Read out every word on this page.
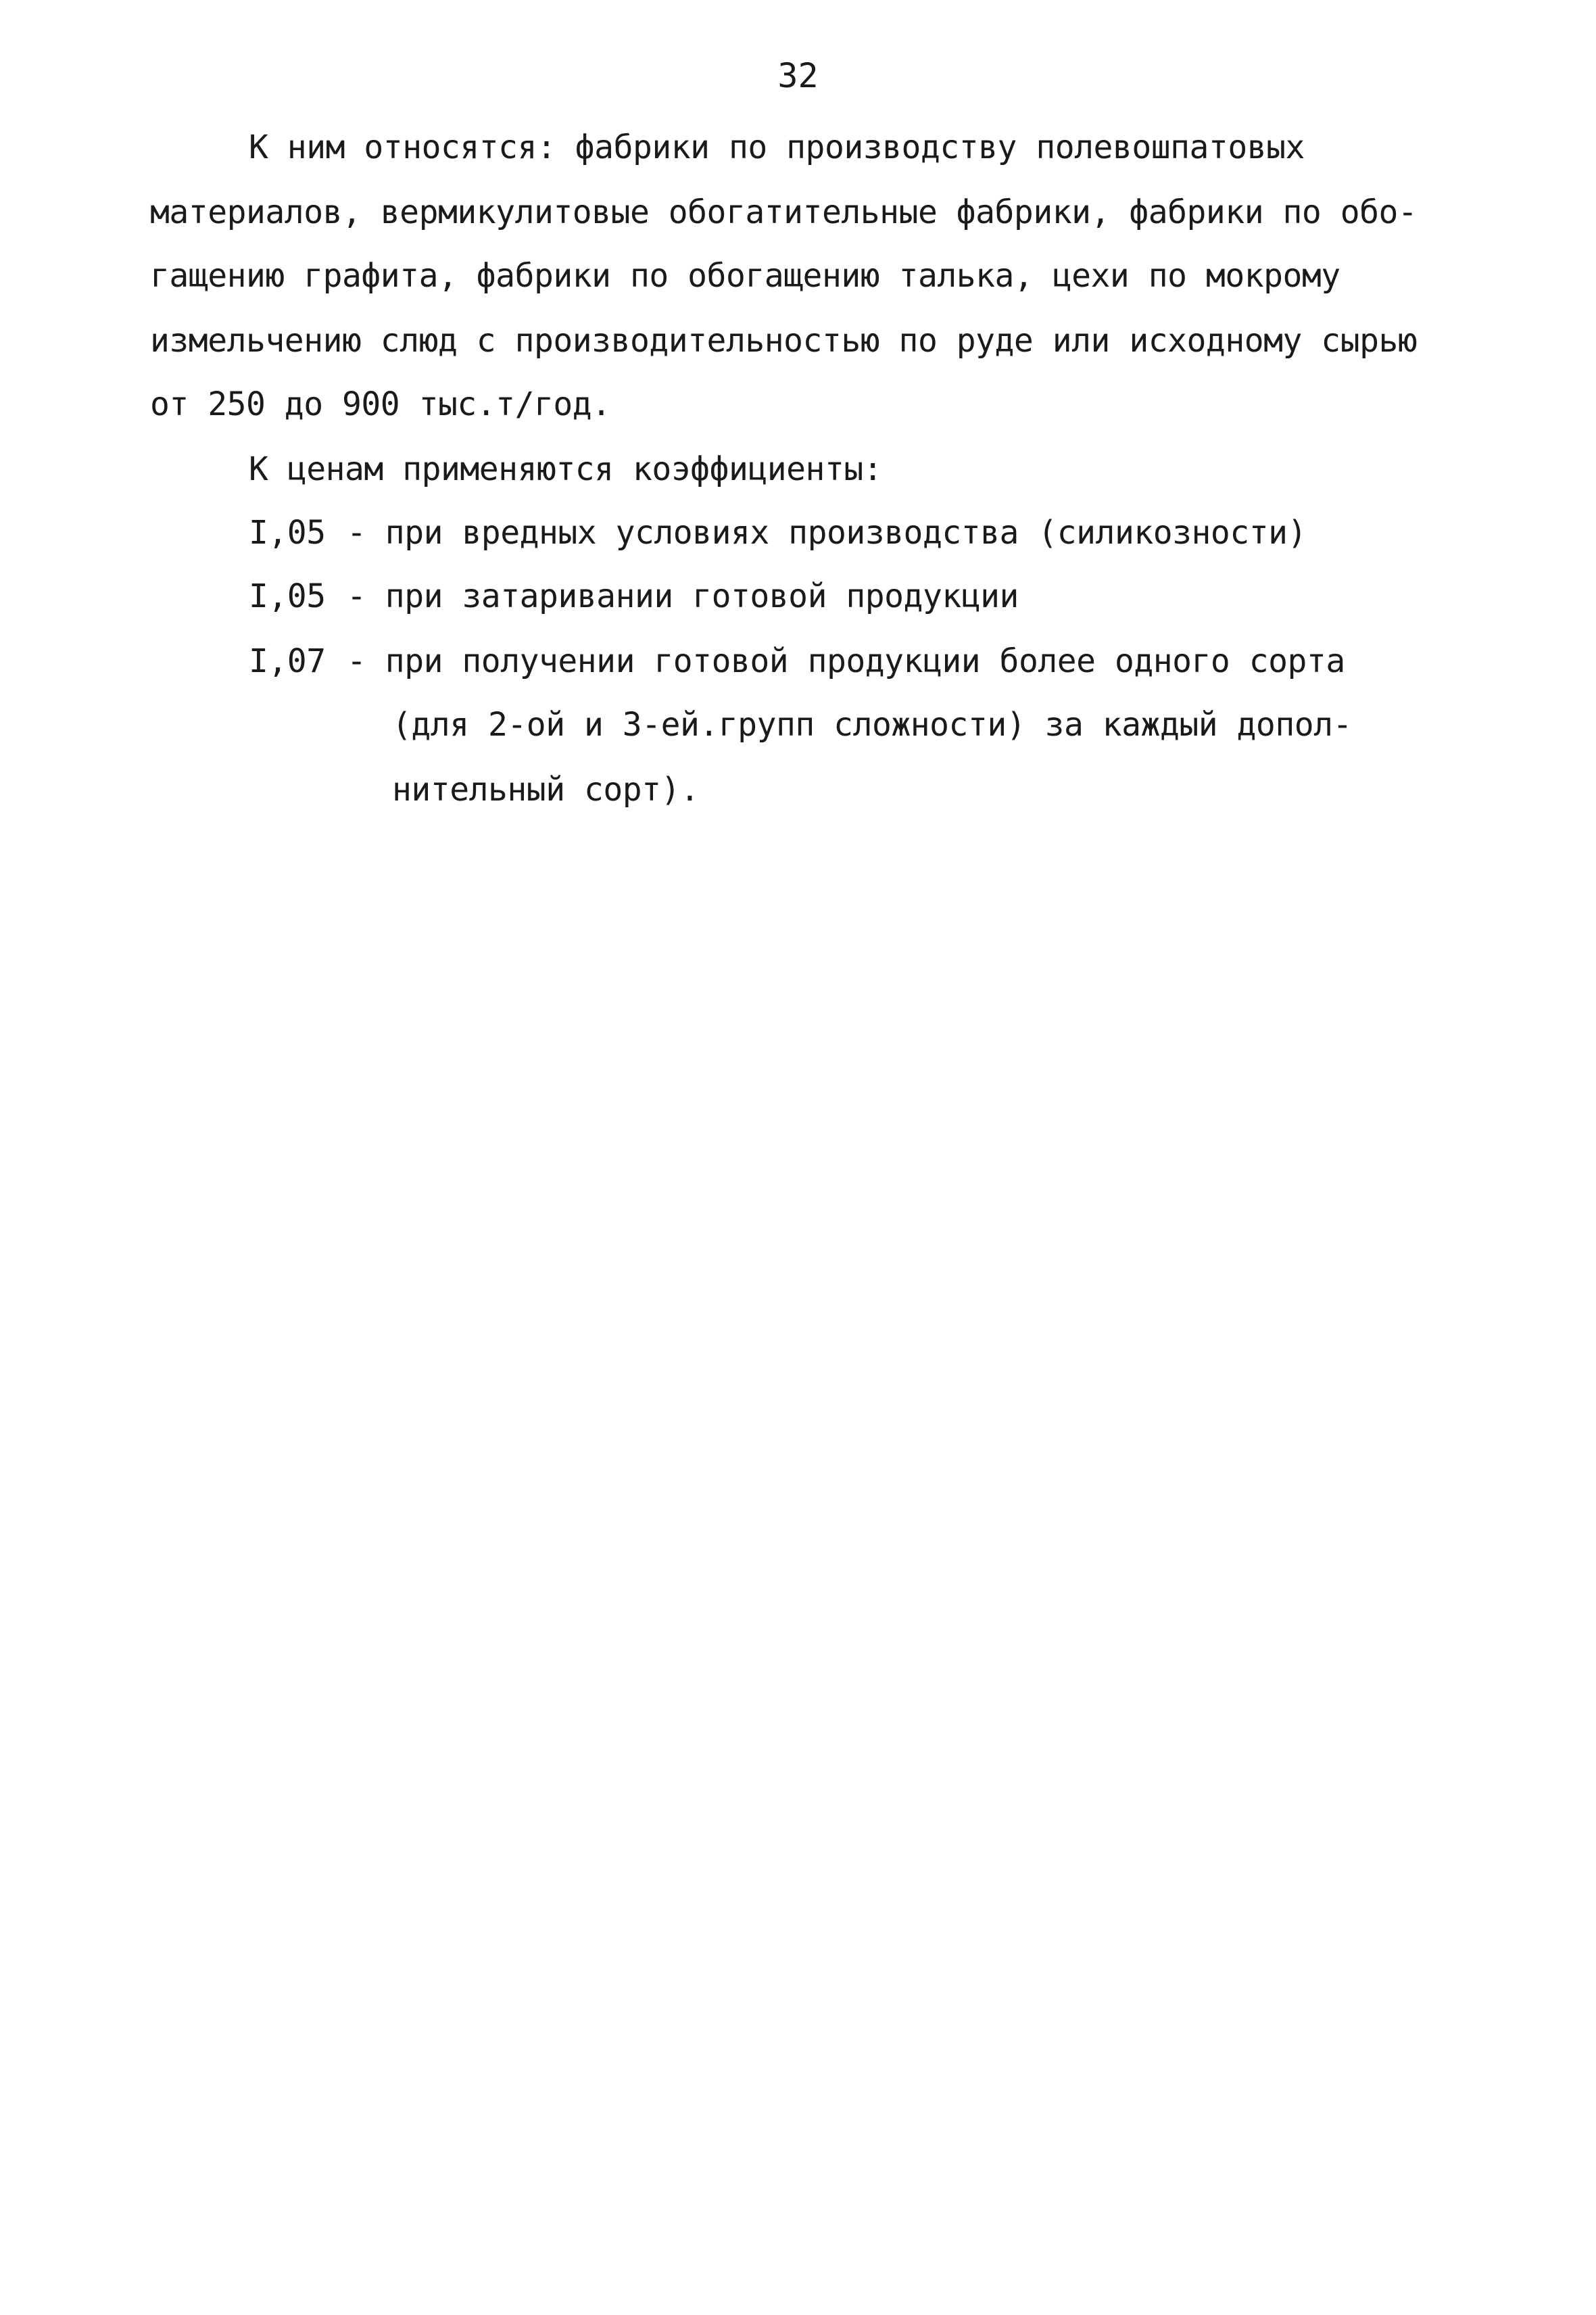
32
К ним относятся: фабрики по производству полевошпатовых
материалов, вермикулитовые обогатительные фабрики, фабрики по обо-
гащению графита, фабрики по обогащению талька, цехи по мокрому
измельчению слюд с производительностью по руде или исходному сырью
от 250 до 900 тыс.т/год.
К ценам применяются коэффициенты:
I,05 - при вредных условиях производства (силикозности)
I,05 - при затаривании готовой продукции
I,07 - при получении готовой продукции более одного сорта
(для 2-ой и 3-ей.групп сложности) за каждый допол-
нительный сорт).
